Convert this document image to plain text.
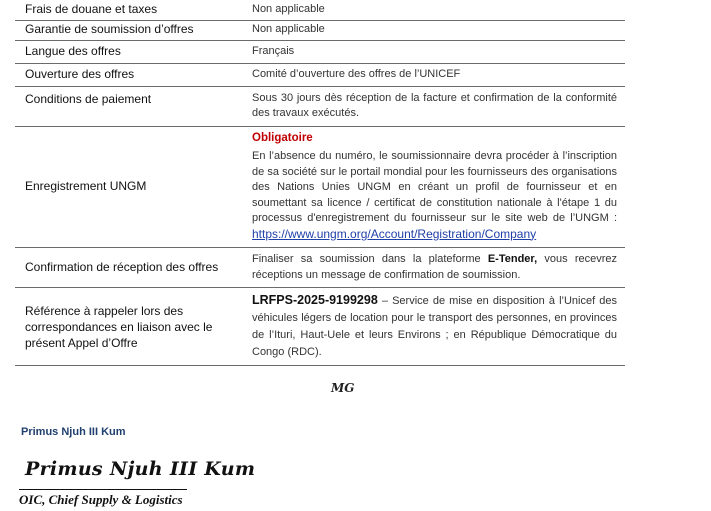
Frais de douane et taxes	Non applicable
Garantie de soumission d’offres	Non applicable
Langue des offres	Français
Ouverture des offres	Comité d’ouverture des offres de l’UNICEF
Conditions de paiement	Sous 30 jours dès réception de la facture et confirmation de la conformité des travaux exécutés.
Enregistrement UNGM	Obligatoire
En l’absence du numéro, le soumissionnaire devra procéder à l’inscription de sa société sur le portail mondial pour les fournisseurs des organisations des Nations Unies UNGM en créant un profil de fournisseur et en soumettant sa licence / certificat de constitution nationale à l'étape 1 du processus d'enregistrement du fournisseur sur le site web de l’UNGM : https://www.ungm.org/Account/Registration/Company
Confirmation de réception des offres	Finaliser sa soumission dans la plateforme E-Tender, vous recevrez réceptions un message de confirmation de soumission.
Référence à rappeler lors des correspondances en liaison avec le présent Appel d’Offre	LRFPS-2025-9199298 – Service de mise en disposition à l’Unicef des véhicules légers de location pour le transport des personnes, en provinces de l’Ituri, Haut-Uele et leurs Environs ; en République Démocratique du Congo (RDC).
MG
Primus Njuh III Kum
Primus Njuh III Kum
OIC, Chief Supply & Logistics
